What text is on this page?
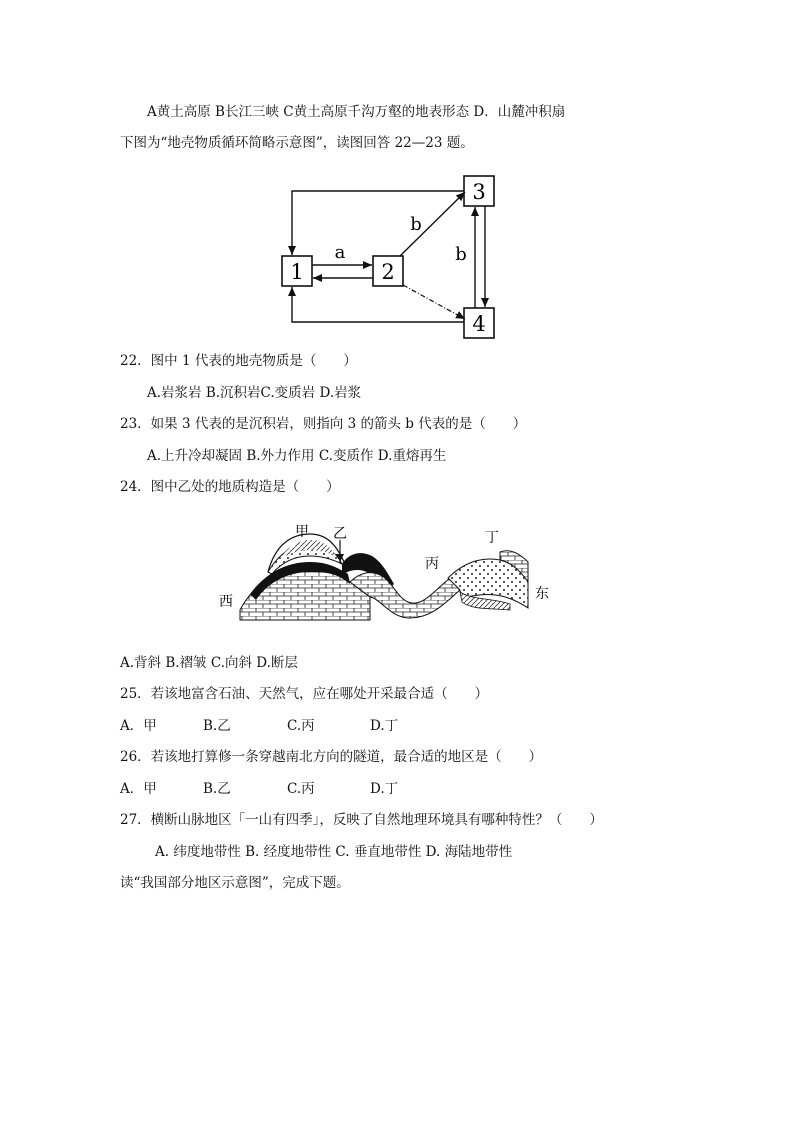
A黄土高原 B长江三峡 C黄土高原千沟万壑的地表形态 D．山麓冲积扇
下图为“地壳物质循环简略示意图”，读图回答 22—23 题。
1	2
3
4
a
b
b
22．图中 1 代表的地壳物质是（　　）
A.岩浆岩 B.沉积岩C.变质岩 D.岩浆
23．如果 3 代表的是沉积岩，则指向 3 的箭头 b 代表的是（　　）
A.上升冷却凝固 B.外力作用 C.变质作 D.重熔再生
24．图中乙处的地质构造是（　　）
甲 乙
丙
丁
西	东
A.背斜 B.褶皱 C.向斜 D.断层
25．若该地富含石油、天然气，应在哪处开采最合适（　　）
A．甲	B.乙	C.丙	D.丁
26．若该地打算修一条穿越南北方向的隧道，最合适的地区是（　　）
A．甲	B.乙	C.丙	D.丁
27．横断山脉地区「一山有四季」，反映了自然地理环境具有哪种特性？（　　）
A. 纬度地带性 B. 经度地带性 C. 垂直地带性 D. 海陆地带性
读“我国部分地区示意图”，完成下题。
